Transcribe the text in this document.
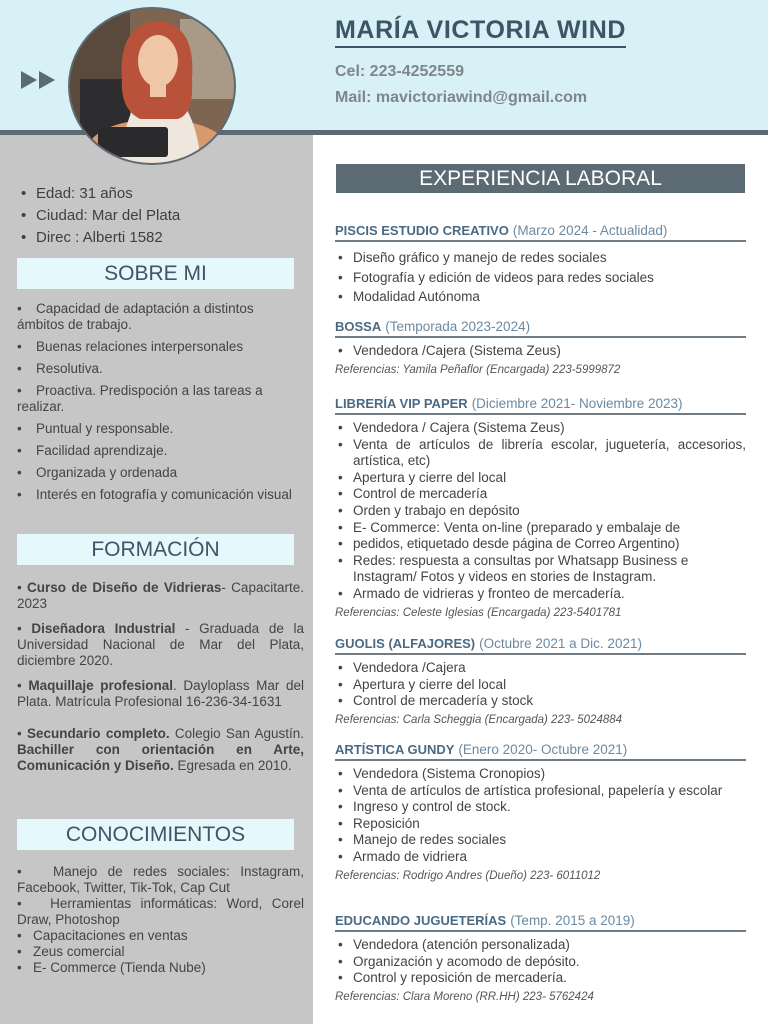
MARÍA VICTORIA WIND

Cel: 223-4252559

Mail: mavictoriawind@gmail.com

• Edad: 31 años
• Ciudad: Mar del Plata
• Direc : Alberti 1582
SOBRE MI
• Capacidad de adaptación a distintos ámbitos de trabajo.
• Buenas relaciones interpersonales
• Resolutiva.
• Proactiva. Predispoción a las tareas a realizar.
• Puntual y responsable.
• Facilidad aprendizaje.
• Organizada y ordenada
• Interés en fotografía y comunicación visual
FORMACIÓN
• Curso de Diseño de Vidrieras- Capacitarte. 2023
• Diseñadora Industrial - Graduada de la Universidad Nacional de Mar del Plata, diciembre 2020.
• Maquillaje profesional. Dayloplass Mar del Plata. Matrícula Profesional 16-236-34-1631
• Secundario completo. Colegio San Agustín. Bachiller con orientación en Arte, Comunicación y Diseño. Egresada en 2010.
CONOCIMIENTOS
•   Manejo de redes sociales: Instagram, Facebook, Twitter, Tik-Tok, Cap Cut
•   Herramientas informáticas: Word, Corel Draw, Photoshop
•   Capacitaciones en ventas
•   Zeus comercial
•   E- Commerce (Tienda Nube)
EXPERIENCIA LABORAL
PISCIS ESTUDIO CREATIVO (Marzo 2024 - Actualidad)
• Diseño gráfico y manejo de redes sociales
• Fotografía y edición de videos para redes sociales
• Modalidad Autónoma
BOSSA (Temporada 2023-2024)
• Vendedora /Cajera (Sistema Zeus)
Referencias: Yamila Peñaflor (Encargada) 223-5999872
LIBRERÍA VIP PAPER (Diciembre 2021- Noviembre 2023)
• Vendedora / Cajera (Sistema Zeus)
• Venta de artículos de librería escolar, juguetería, accesorios, artística, etc)
• Apertura y cierre del local
• Control de mercadería
• Orden y trabajo en depósito
• E- Commerce: Venta on-line (preparado y embalaje de
• pedidos, etiquetado desde página de Correo Argentino)
• Redes: respuesta a consultas por Whatsapp Business e Instagram/ Fotos y videos en stories de Instagram.
• Armado de vidrieras y fronteo de mercadería.
Referencias: Celeste Iglesias (Encargada) 223-5401781
GUOLIS (ALFAJORES) (Octubre 2021 a Dic. 2021)
• Vendedora /Cajera
• Apertura y cierre del local
• Control de mercadería y stock
Referencias: Carla Scheggia (Encargada) 223- 5024884
ARTÍSTICA GUNDY (Enero 2020- Octubre 2021)
• Vendedora (Sistema Cronopios)
• Venta de artículos de artística profesional, papelería y escolar
• Ingreso y control de stock.
• Reposición
• Manejo de redes sociales
• Armado de vidriera
Referencias: Rodrigo Andres (Dueño) 223- 6011012
EDUCANDO JUGUETERÍAS (Temp. 2015 a 2019)
• Vendedora (atención personalizada)
• Organización y acomodo de depósito.
• Control y reposición de mercadería.
Referencias: Clara Moreno (RR.HH) 223- 5762424
